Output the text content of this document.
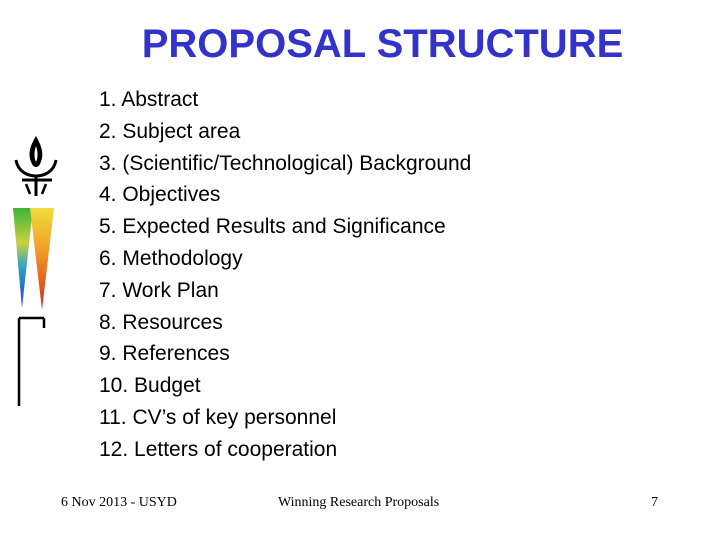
PROPOSAL STRUCTURE
1. Abstract
2. Subject area
3. (Scientific/Technological) Background
4. Objectives
5. Expected Results and Significance
6. Methodology
7. Work Plan
8. Resources
9. References
10. Budget
11. CV’s of key personnel
12. Letters of cooperation
6 Nov 2013 - USYD	Winning Research Proposals	7
